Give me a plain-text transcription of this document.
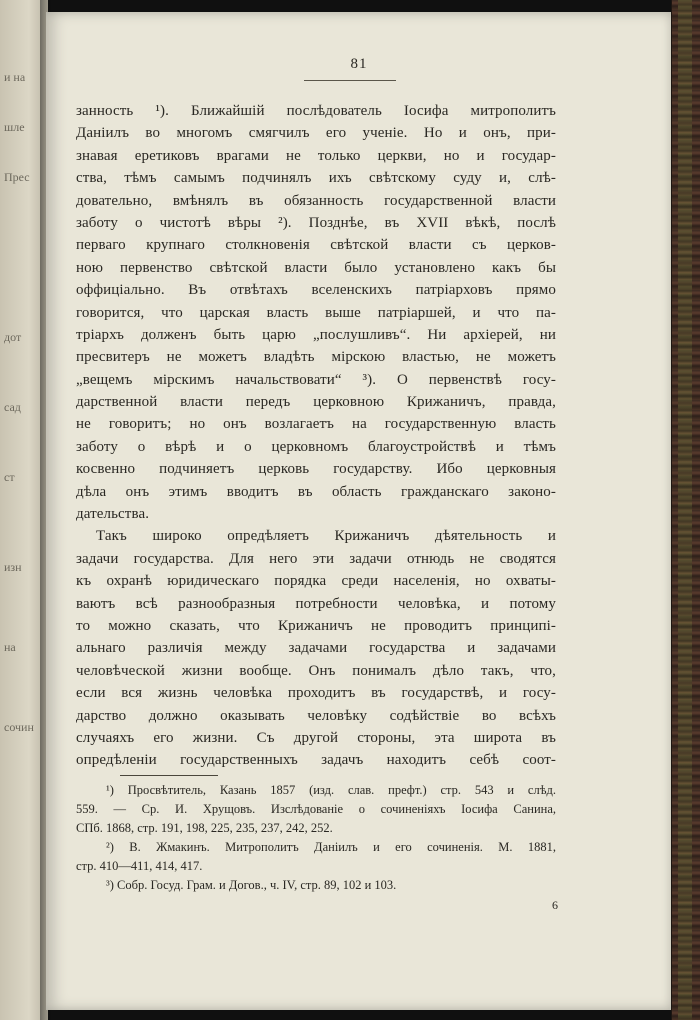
и на
шле
Прес
дот
сад
ст
изн
на
сочин
81
занность ¹). Ближайшій послѣдователь Іосифа митрополитъ
Даніилъ во многомъ смягчилъ его ученіе. Но и онъ, при-
знавая еретиковъ врагами не только церкви, но и государ-
ства, тѣмъ самымъ подчинялъ ихъ свѣтскому суду и, слѣ-
довательно, вмѣнялъ въ обязанность государственной власти
заботу о чистотѣ вѣры ²). Позднѣе, въ XVII вѣкѣ, послѣ
перваго крупнаго столкновенія свѣтской власти съ церков-
ною первенство свѣтской власти было установлено какъ бы
оффиціально. Въ отвѣтахъ вселенскихъ патріарховъ прямо
говорится, что царская власть выше патріаршей, и что па-
тріархъ долженъ быть царю „послушливъ“. Ни архіерей, ни
пресвитеръ не можетъ владѣть мірскою властью, не можетъ
„вещемъ мірскимъ начальствовати“ ³). О первенствѣ госу-
дарственной власти передъ церковною Крижаничъ, правда,
не говоритъ; но онъ возлагаетъ на государственную власть
заботу о вѣрѣ и о церковномъ благоустройствѣ и тѣмъ
косвенно подчиняетъ церковь государству. Ибо церковныя
дѣла онъ этимъ вводитъ въ область гражданскаго законо-
дательства.
Такъ широко опредѣляетъ Крижаничъ дѣятельность и
задачи государства. Для него эти задачи отнюдь не сводятся
къ охранѣ юридическаго порядка среди населенія, но охваты-
ваютъ всѣ разнообразныя потребности человѣка, и потому
то можно сказать, что Крижаничъ не проводитъ принципі-
альнаго различія между задачами государства и задачами
человѣческой жизни вообще. Онъ понималъ дѣло такъ, что,
если вся жизнь человѣка проходитъ въ государствѣ, и госу-
дарство должно оказывать человѣку содѣйствіе во всѣхъ
случаяхъ его жизни. Съ другой стороны, эта широта въ
опредѣленіи государственныхъ задачъ находитъ себѣ соот-
¹) Просвѣтитель, Казань 1857 (изд. слав. префт.) стр. 543 и слѣд.
559. — Ср. И. Хрущовъ. Изслѣдованіе о сочиненіяхъ Іосифа Санина,
СПб. 1868, стр. 191, 198, 225, 235, 237, 242, 252.
²) В. Жмакинъ. Митрополитъ Даніилъ и его сочиненія. М. 1881,
стр. 410—411, 414, 417.
³) Собр. Госуд. Грам. и Догов., ч. IV, стр. 89, 102 и 103.
6
